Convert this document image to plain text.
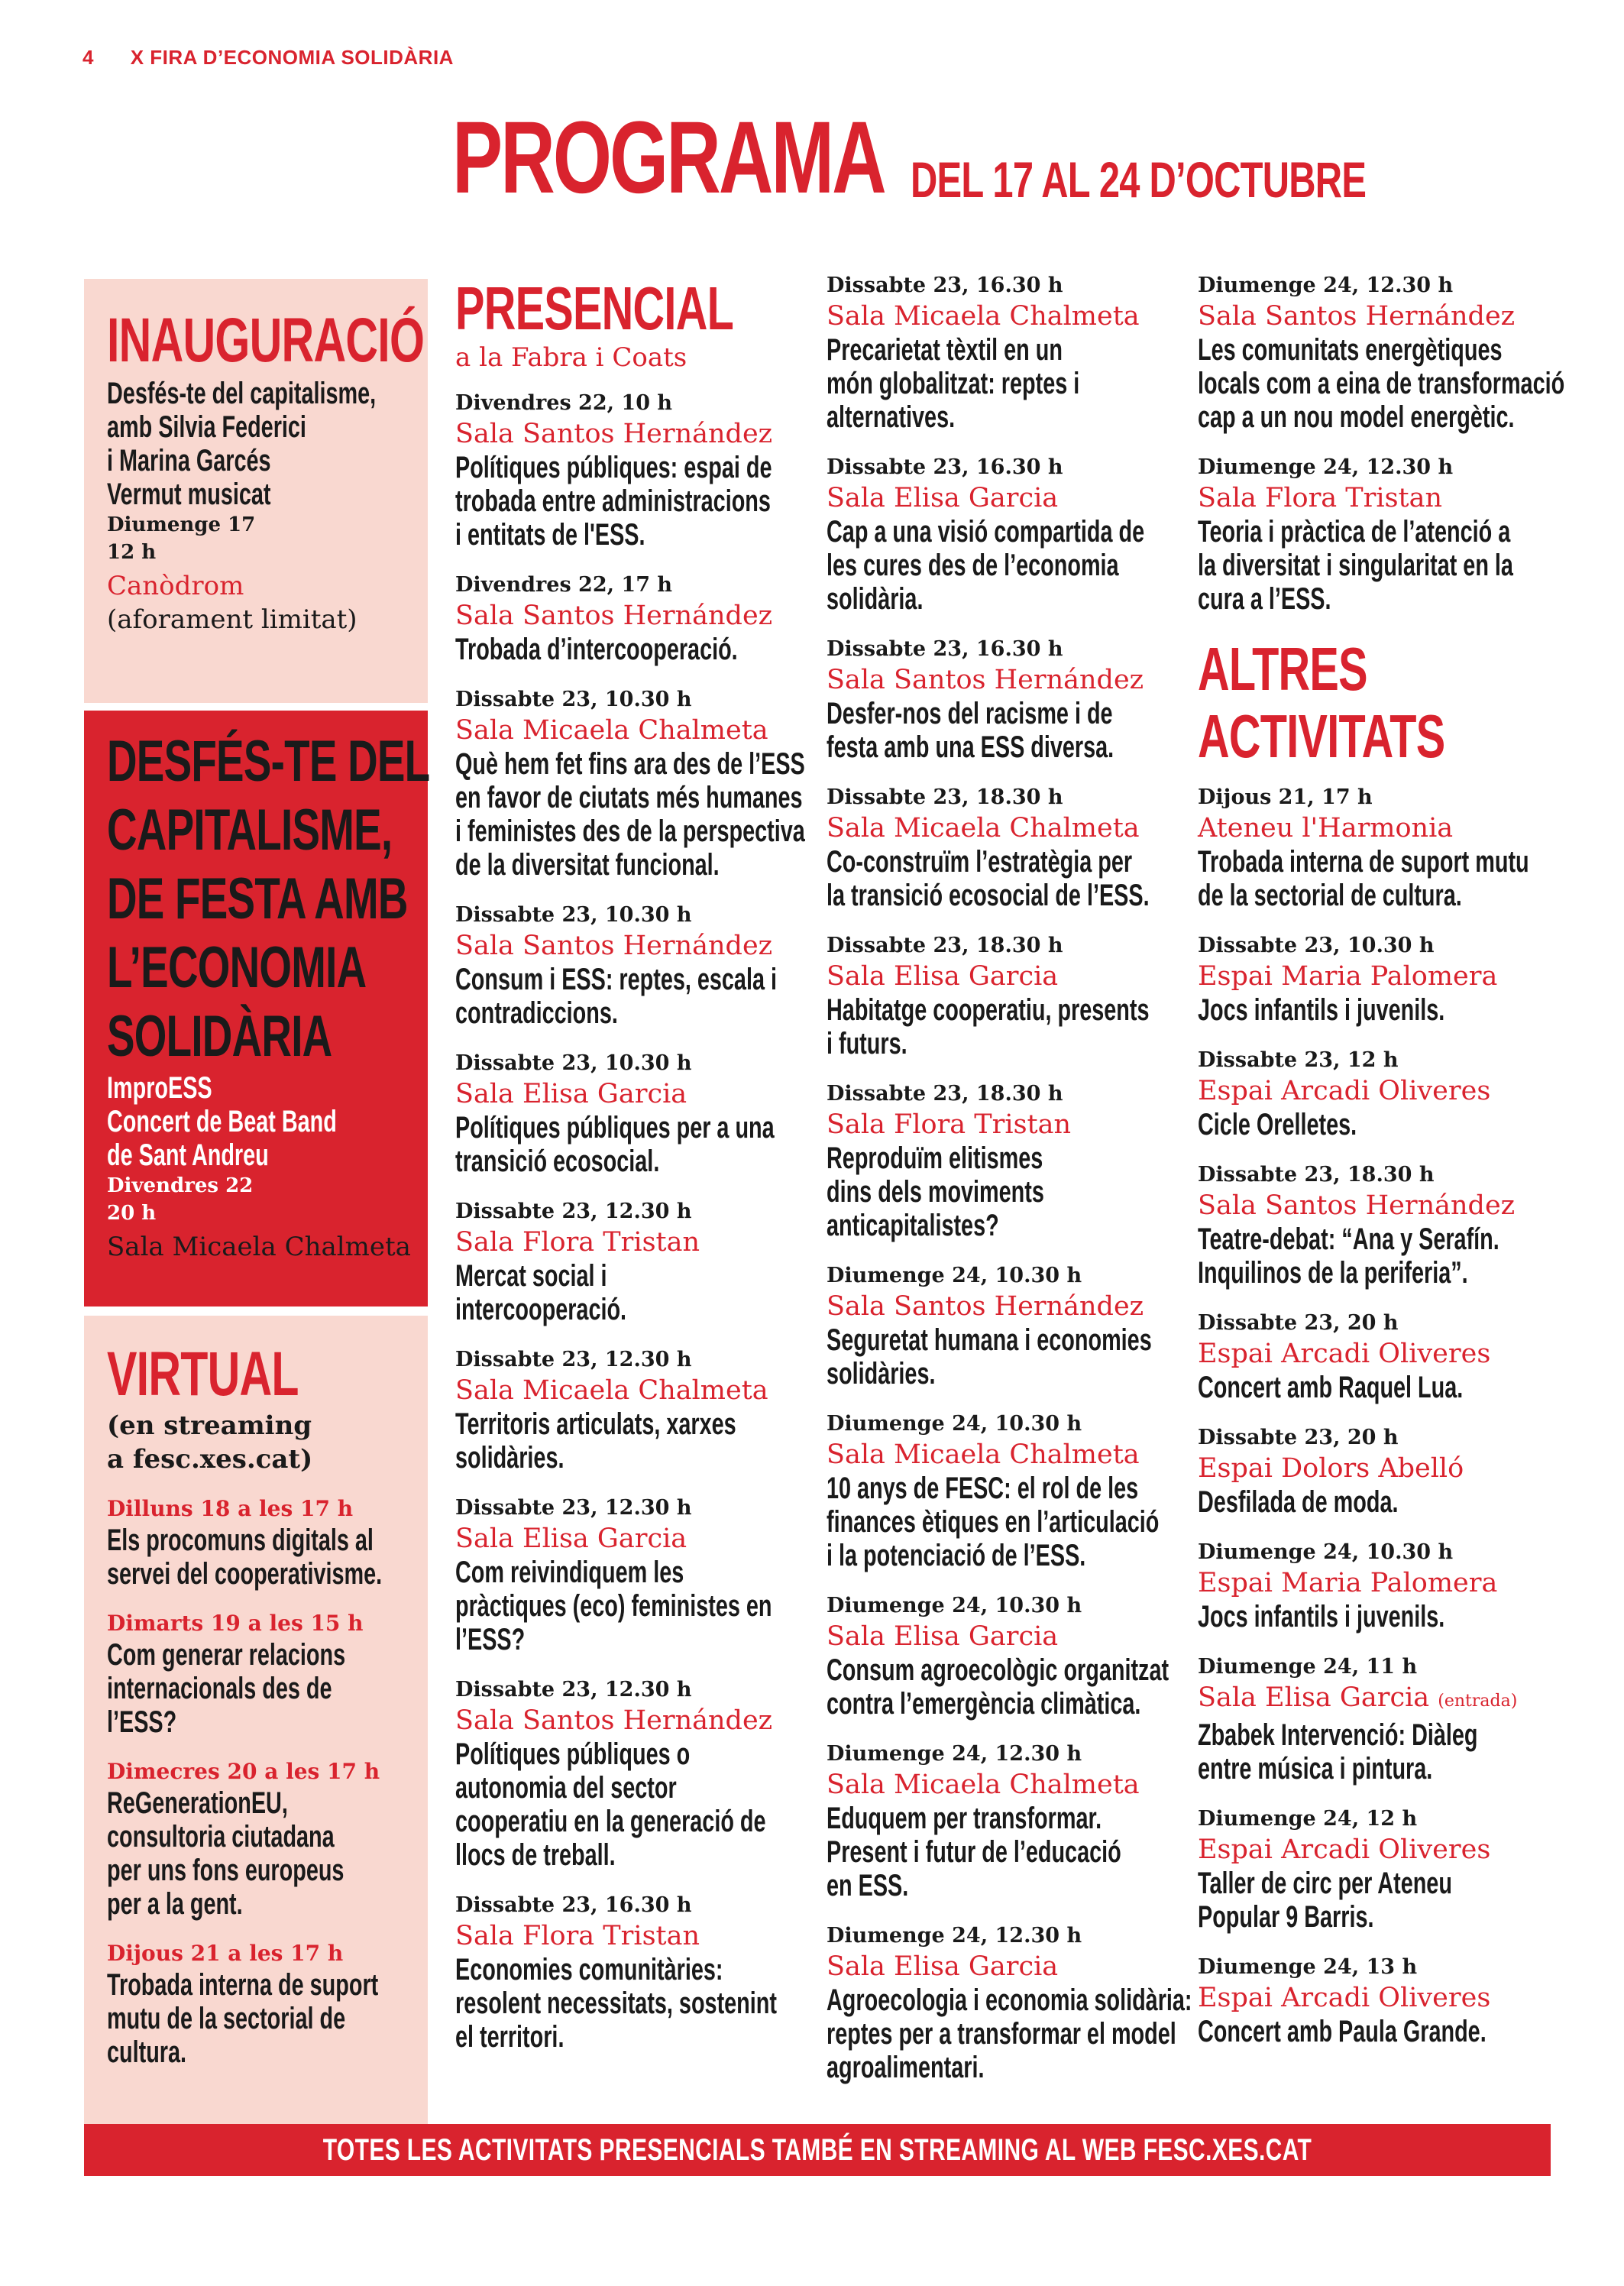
4 X FIRA D’ECONOMIA SOLIDÀRIA
PROGRAMA DEL 17 AL 24 D’OCTUBRE
INAUGURACIÓ
Desfés-te del capitalisme,
amb Silvia Federici
i Marina Garcés
Vermut musicat
Diumenge 17
12 h
Canòdrom
(aforament limitat)
DESFÉS-TE DEL
CAPITALISME,
DE FESTA AMB
L’ECONOMIA
SOLIDÀRIA
ImproESS
Concert de Beat Band
de Sant Andreu
Divendres 22
20 h
Sala Micaela Chalmeta
VIRTUAL
(en streaming
a fesc.xes.cat)
Dilluns 18 a les 17 h
Els procomuns digitals al
servei del cooperativisme.
Dimarts 19 a les 15 h
Com generar relacions
internacionals des de
l’ESS?
Dimecres 20 a les 17 h
ReGenerationEU,
consultoria ciutadana
per uns fons europeus
per a la gent.
Dijous 21 a les 17 h
Trobada interna de suport
mutu de la sectorial de
cultura.
PRESENCIAL
a la Fabra i Coats
Divendres 22, 10 h
Sala Santos Hernández
Polítiques públiques: espai de
trobada entre administracions
i entitats de l'ESS.
Divendres 22, 17 h
Sala Santos Hernández
Trobada d’intercooperació.
Dissabte 23, 10.30 h
Sala Micaela Chalmeta
Què hem fet fins ara des de l’ESS
en favor de ciutats més humanes
i feministes des de la perspectiva
de la diversitat funcional.
Dissabte 23, 10.30 h
Sala Santos Hernández
Consum i ESS: reptes, escala i
contradiccions.
Dissabte 23, 10.30 h
Sala Elisa Garcia
Polítiques públiques per a una
transició ecosocial.
Dissabte 23, 12.30 h
Sala Flora Tristan
Mercat social i
intercooperació.
Dissabte 23, 12.30 h
Sala Micaela Chalmeta
Territoris articulats, xarxes
solidàries.
Dissabte 23, 12.30 h
Sala Elisa Garcia
Com reivindiquem les
pràctiques (eco) feministes en
l’ESS?
Dissabte 23, 12.30 h
Sala Santos Hernández
Polítiques públiques o
autonomia del sector
cooperatiu en la generació de
llocs de treball.
Dissabte 23, 16.30 h
Sala Flora Tristan
Economies comunitàries:
resolent necessitats, sostenint
el territori.
Dissabte 23, 16.30 h
Sala Micaela Chalmeta
Precarietat tèxtil en un
món globalitzat: reptes i
alternatives.
Dissabte 23, 16.30 h
Sala Elisa Garcia
Cap a una visió compartida de
les cures des de l’economia
solidària.
Dissabte 23, 16.30 h
Sala Santos Hernández
Desfer-nos del racisme i de
festa amb una ESS diversa.
Dissabte 23, 18.30 h
Sala Micaela Chalmeta
Co-construïm l’estratègia per
la transició ecosocial de l’ESS.
Dissabte 23, 18.30 h
Sala Elisa Garcia
Habitatge cooperatiu, presents
i futurs.
Dissabte 23, 18.30 h
Sala Flora Tristan
Reproduïm elitismes
dins dels moviments
anticapitalistes?
Diumenge 24, 10.30 h
Sala Santos Hernández
Seguretat humana i economies
solidàries.
Diumenge 24, 10.30 h
Sala Micaela Chalmeta
10 anys de FESC: el rol de les
finances ètiques en l’articulació
i la potenciació de l’ESS.
Diumenge 24, 10.30 h
Sala Elisa Garcia
Consum agroecològic organitzat
contra l’emergència climàtica.
Diumenge 24, 12.30 h
Sala Micaela Chalmeta
Eduquem per transformar.
Present i futur de l’educació
en ESS.
Diumenge 24, 12.30 h
Sala Elisa Garcia
Agroecologia i economia solidària:
reptes per a transformar el model
agroalimentari.
Diumenge 24, 12.30 h
Sala Santos Hernández
Les comunitats energètiques
locals com a eina de transformació
cap a un nou model energètic.
Diumenge 24, 12.30 h
Sala Flora Tristan
Teoria i pràctica de l’atenció a
la diversitat i singularitat en la
cura a l’ESS.
ALTRES
ACTIVITATS
Dijous 21, 17 h
Ateneu l'Harmonia
Trobada interna de suport mutu
de la sectorial de cultura.
Dissabte 23, 10.30 h
Espai Maria Palomera
Jocs infantils i juvenils.
Dissabte 23, 12 h
Espai Arcadi Oliveres
Cicle Orelletes.
Dissabte 23, 18.30 h
Sala Santos Hernández
Teatre-debat: “Ana y Serafín.
Inquilinos de la periferia”.
Dissabte 23, 20 h
Espai Arcadi Oliveres
Concert amb Raquel Lua.
Dissabte 23, 20 h
Espai Dolors Abelló
Desfilada de moda.
Diumenge 24, 10.30 h
Espai Maria Palomera
Jocs infantils i juvenils.
Diumenge 24, 11 h
Sala Elisa Garcia (entrada)
Zbabek Intervenció: Diàleg
entre música i pintura.
Diumenge 24, 12 h
Espai Arcadi Oliveres
Taller de circ per Ateneu
Popular 9 Barris.
Diumenge 24, 13 h
Espai Arcadi Oliveres
Concert amb Paula Grande.
TOTES LES ACTIVITATS PRESENCIALS TAMBÉ EN STREAMING AL WEB FESC.XES.CAT
